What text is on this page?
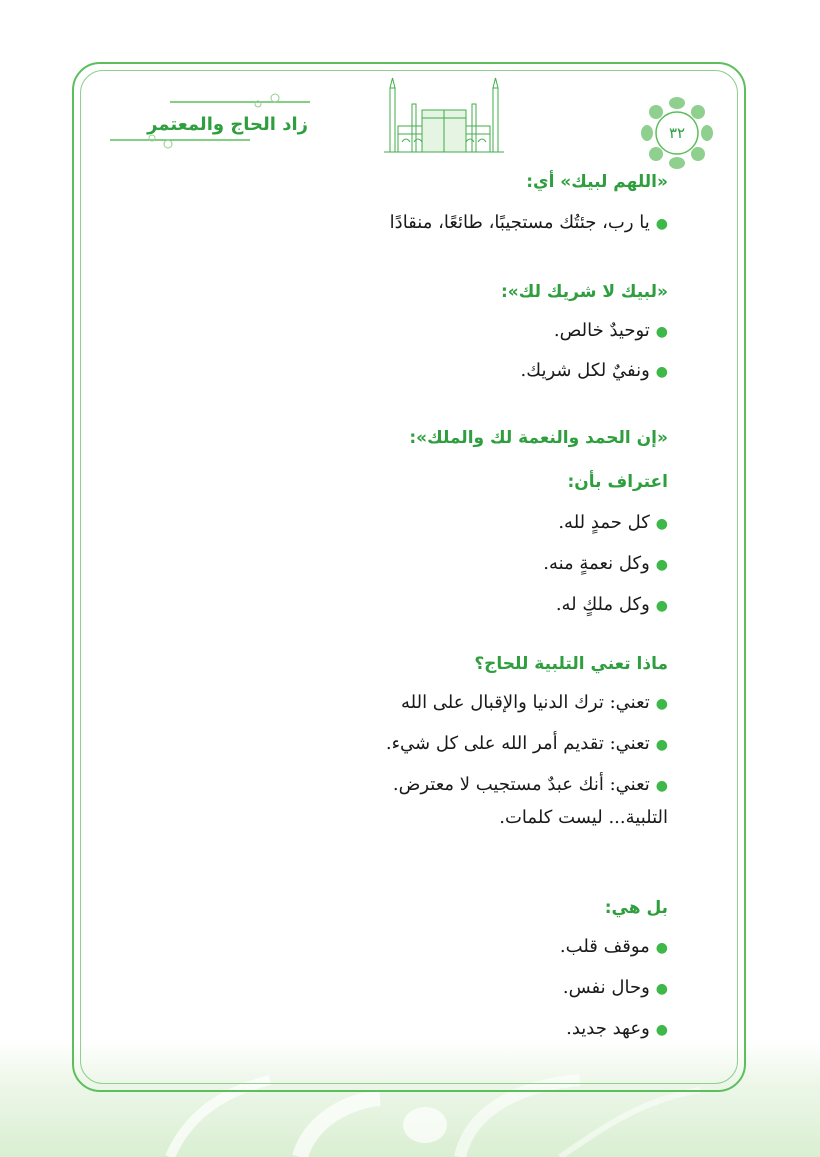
زاد الحاج والمعتمر	٣٢

«اللهم لبيك» أي:

●يا رب، جئتُك مستجيبًا، طائعًا، منقادًا

«لبيك لا شريك لك»:

●توحيدٌ خالص.

●ونفيٌ لكل شريك.

«إن الحمد والنعمة لك والملك»:

اعتراف بأن:

●كل حمدٍ لله.

●وكل نعمةٍ منه.

●وكل ملكٍ له.

ماذا تعني التلبية للحاج؟

●تعني: ترك الدنيا والإقبال على الله

●تعني: تقديم أمر الله على كل شيء.

●تعني: أنك عبدٌ مستجيب لا معترض.

التلبية... ليست كلمات.

بل هي:

●موقف قلب.

●وحال نفس.

●وعهد جديد.
